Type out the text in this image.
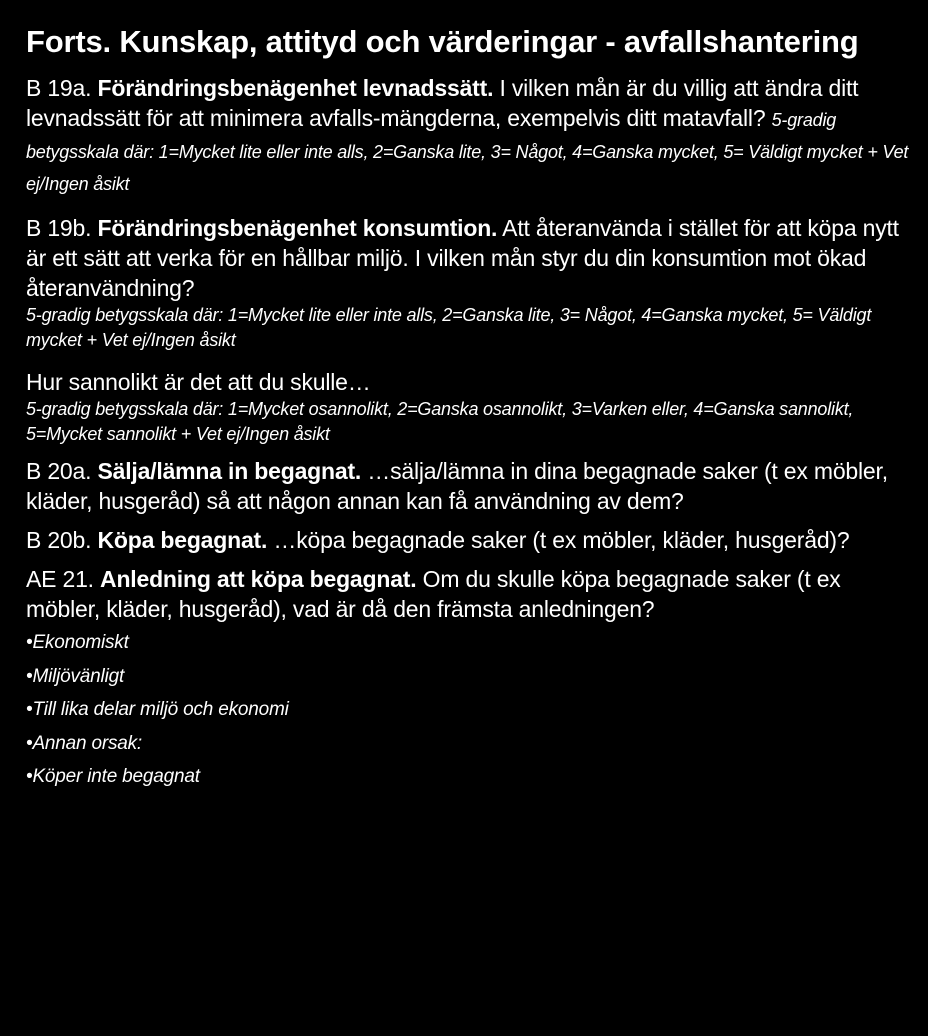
Forts. Kunskap, attityd och värderingar - avfallshantering
B 19a. Förändringsbenägenhet levnadssätt. I vilken mån är du villig att ändra ditt levnadssätt för att minimera avfalls-mängderna, exempelvis ditt matavfall? 5-gradig betygsskala där: 1=Mycket lite eller inte alls, 2=Ganska lite, 3= Något, 4=Ganska mycket, 5= Väldigt mycket + Vet ej/Ingen åsikt
B 19b. Förändringsbenägenhet konsumtion. Att återanvända i stället för att köpa nytt är ett sätt att verka för en hållbar miljö. I vilken mån styr du din konsumtion mot ökad återanvändning?
5-gradig betygsskala där: 1=Mycket lite eller inte alls, 2=Ganska lite, 3= Något, 4=Ganska mycket, 5= Väldigt mycket + Vet ej/Ingen åsikt
Hur sannolikt är det att du skulle…
5-gradig betygsskala där: 1=Mycket osannolikt, 2=Ganska osannolikt, 3=Varken eller, 4=Ganska sannolikt, 5=Mycket sannolikt + Vet ej/Ingen åsikt
B 20a. Sälja/lämna in begagnat. …sälja/lämna in dina begagnade saker (t ex möbler, kläder, husgeråd) så att någon annan kan få användning av dem?
B 20b. Köpa begagnat. …köpa begagnade saker (t ex möbler, kläder, husgeråd)?
AE 21. Anledning att köpa begagnat. Om du skulle köpa begagnade saker (t ex möbler, kläder, husgeråd), vad är då den främsta anledningen?
•Ekonomiskt
•Miljövänligt
•Till lika delar miljö och ekonomi
•Annan orsak:
•Köper inte begagnat
